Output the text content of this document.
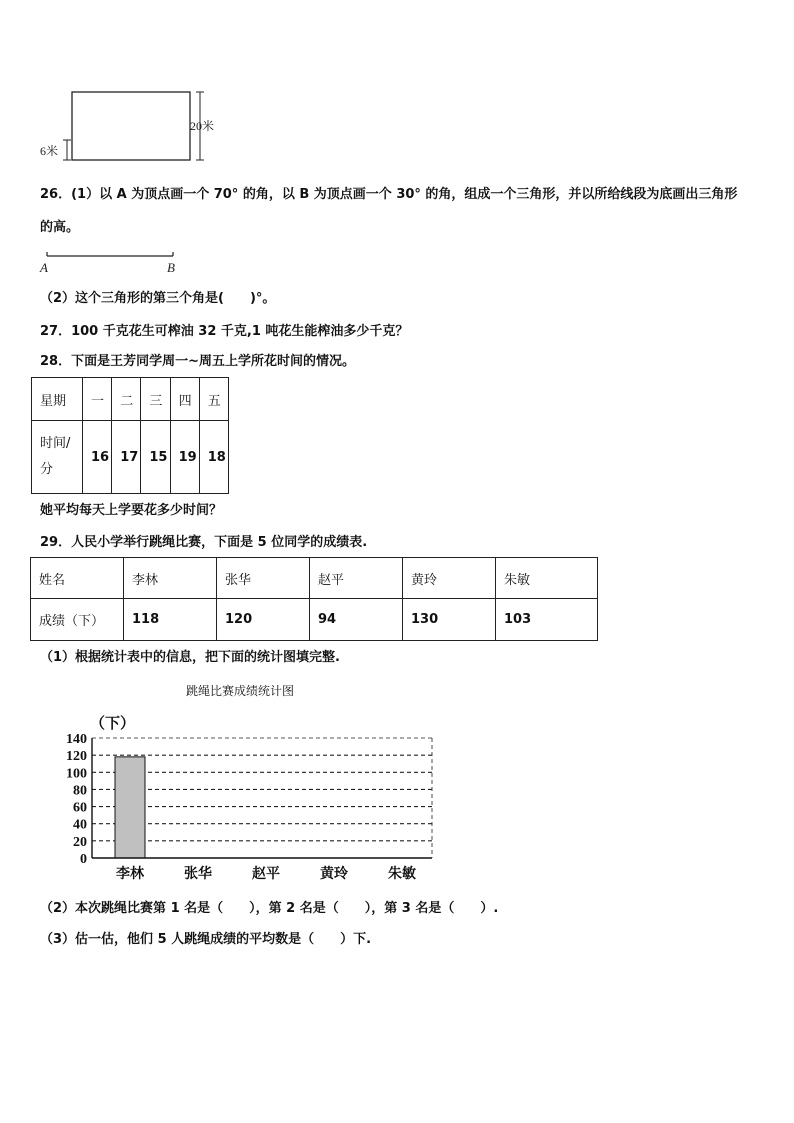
20米
6米
26．(1）以 A 为顶点画一个 70° 的角，以 B 为顶点画一个 30° 的角，组成一个三角形，并以所给线段为底画出三角形
的高。
A	B
（2）这个三角形的第三个角是(　　)°。
27．100 千克花生可榨油 32 千克,1 吨花生能榨油多少千克？
28．下面是王芳同学周一~周五上学所花时间的情况。
星期	一	二	三	四	五
时间/
分	16	17	15	19	18
她平均每天上学要花多少时间？
29．人民小学举行跳绳比赛，下面是 5 位同学的成绩表.
姓名	李林	张华	赵平	黄玲	朱敏
成绩（下）	118	120	94	130	103
（1）根据统计表中的信息，把下面的统计图填完整.
跳绳比赛成绩统计图
0
20
40
60
80
100
120
140
李林	张华	赵平	黄玲	朱敏
（下）
（2）本次跳绳比赛第 1 名是（　　），第 2 名是（　　），第 3 名是（　　）.
（3）估一估，他们 5 人跳绳成绩的平均数是（　　）下.
